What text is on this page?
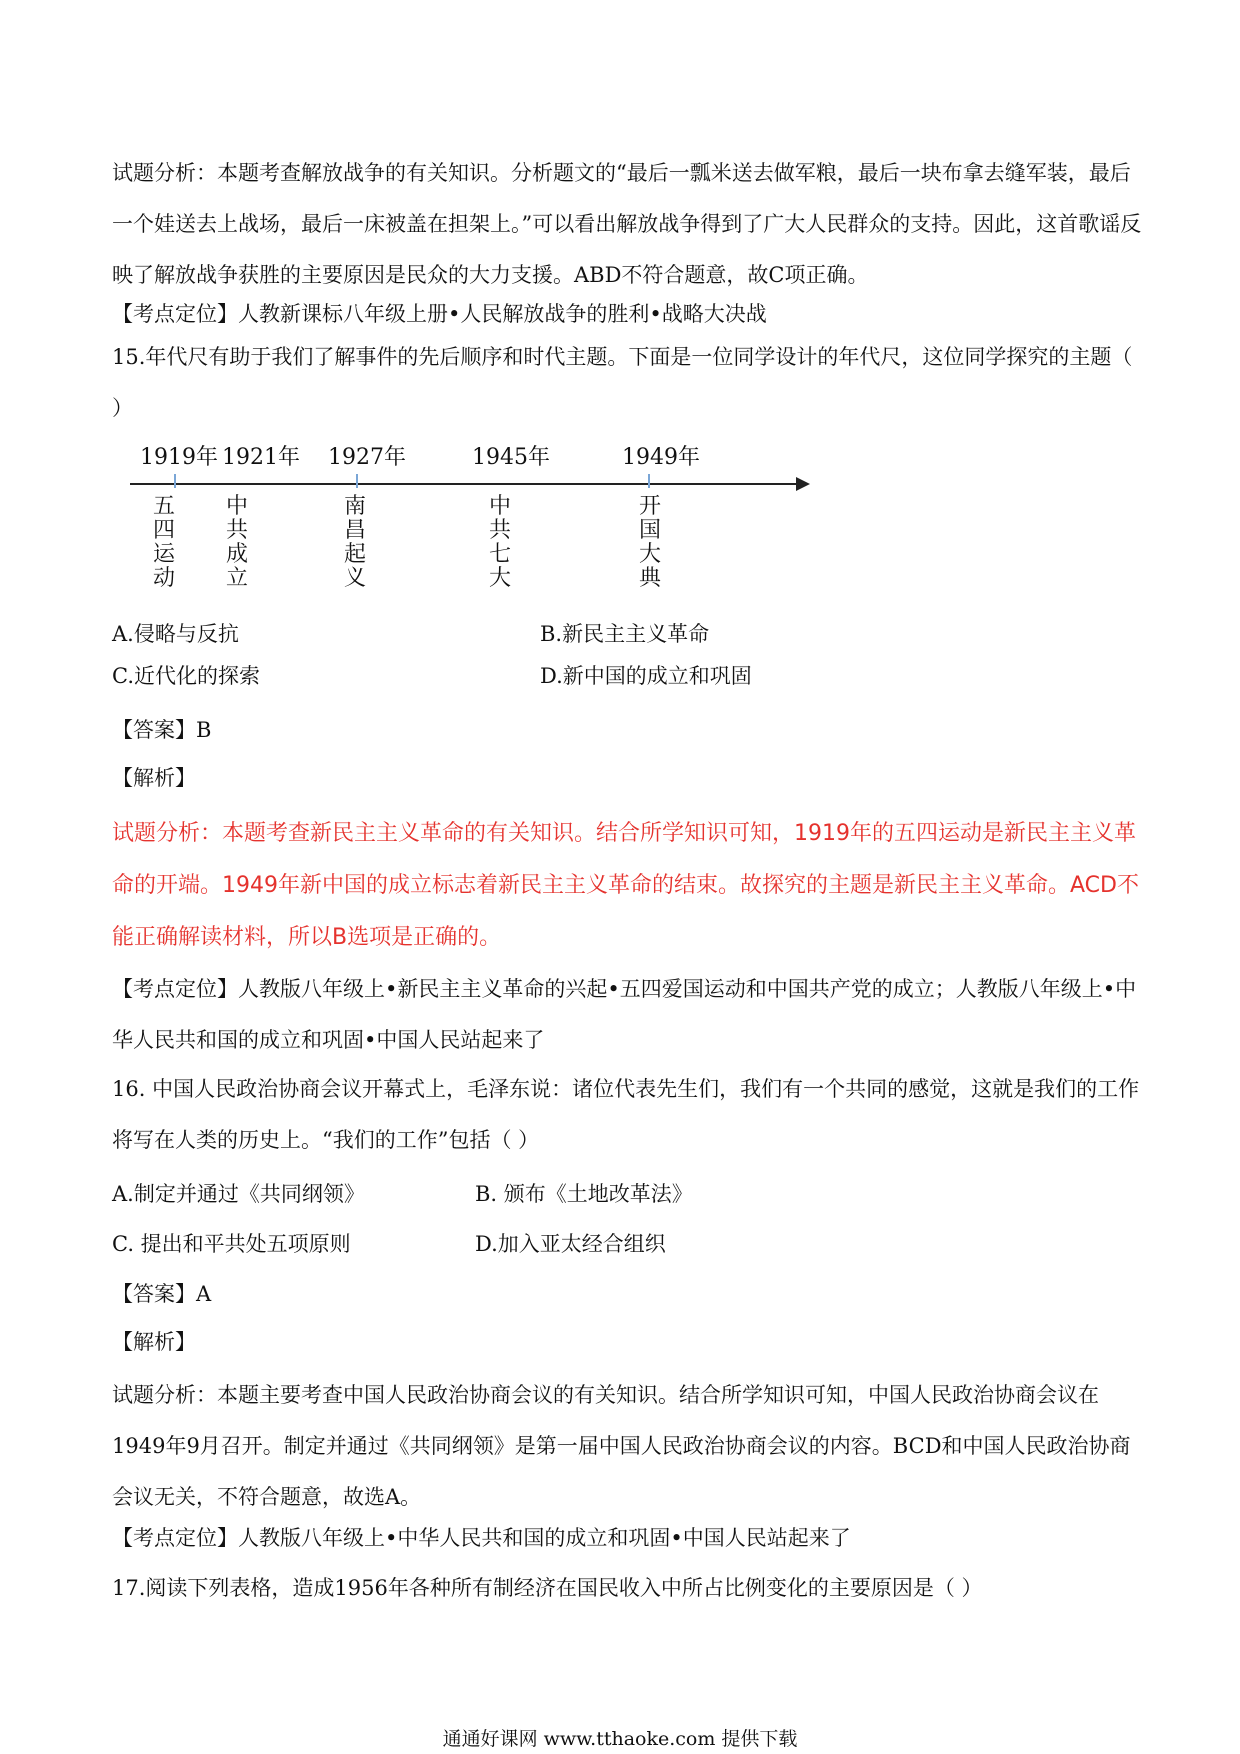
试题分析：本题考查解放战争的有关知识。分析题文的“最后一瓢米送去做军粮，最后一块布拿去缝军装，最后一个娃送去上战场，最后一床被盖在担架上。”可以看出解放战争得到了广大人民群众的支持。因此，这首歌谣反映了解放战争获胜的主要原因是民众的大力支援。ABD不符合题意，故C项正确。

【考点定位】人教新课标八年级上册•人民解放战争的胜利•战略大决战

15.年代尺有助于我们了解事件的先后顺序和时代主题。下面是一位同学设计的年代尺，这位同学探究的主题（ ）

1919年 1921年 1927年	1945年	1949年
五四运动
中共成立
南昌起义
中共七大
开国大典
A.侵略与反抗	B.新民主主义革命
C.近代化的探索	D.新中国的成立和巩固
【答案】B
【解析】

试题分析：本题考查新民主主义革命的有关知识。结合所学知识可知，1919年的五四运动是新民主主义革命的开端。1949年新中国的成立标志着新民主主义革命的结束。故探究的主题是新民主主义革命。ACD不能正确解读材料，所以B选项是正确的。

【考点定位】人教版八年级上•新民主主义革命的兴起•五四爱国运动和中国共产党的成立；人教版八年级上•中华人民共和国的成立和巩固•中国人民站起来了

16. 中国人民政治协商会议开幕式上，毛泽东说：诸位代表先生们，我们有一个共同的感觉，这就是我们的工作将写在人类的历史上。“我们的工作”包括（ ）

A.制定并通过《共同纲领》	B. 颁布《土地改革法》
C. 提出和平共处五项原则	D.加入亚太经合组织
【答案】A
【解析】

试题分析：本题主要考查中国人民政治协商会议的有关知识。结合所学知识可知，中国人民政治协商会议在1949年9月召开。制定并通过《共同纲领》是第一届中国人民政治协商会议的内容。BCD和中国人民政治协商会议无关，不符合题意，故选A。

【考点定位】人教版八年级上•中华人民共和国的成立和巩固•中国人民站起来了
17.阅读下列表格，造成1956年各种所有制经济在国民收入中所占比例变化的主要原因是（ ）
通通好课网 www.tthaoke.com 提供下载
